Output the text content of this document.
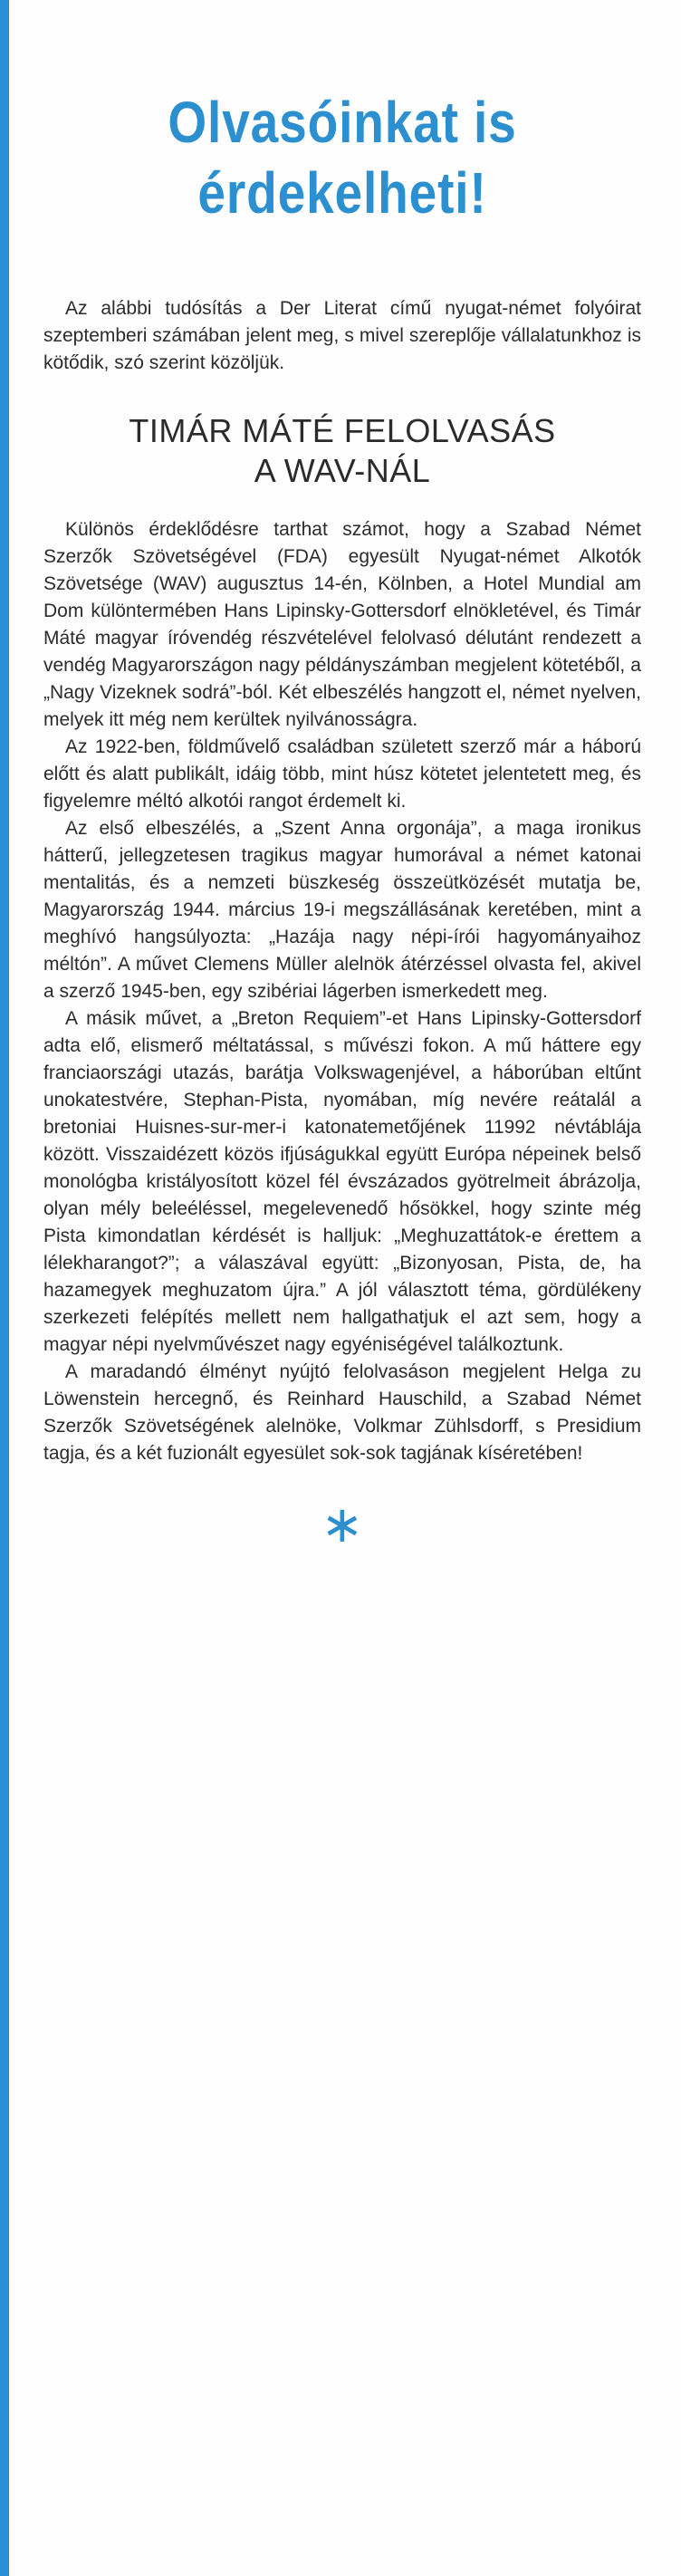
Olvasóinkat is
érdekelheti!

Az alábbi tudósítás a Der Literat című nyugat-német folyóirat szeptemberi számában jelent meg, s mivel szereplője vállalatunkhoz is kötődik, szó szerint közöljük.

TIMÁR MÁTÉ FELOLVASÁS
A WAV-NÁL

Különös érdeklődésre tarthat számot, hogy a Szabad Német Szerzők Szövetségével (FDA) egyesült Nyugat-német Alkotók Szövetsége (WAV) augusztus 14-én, Kölnben, a Hotel Mundial am Dom különtermében Hans Lipinsky-Gottersdorf elnökletével, és Timár Máté magyar íróvendég részvételével felolvasó délutánt rendezett a vendég Magyarországon nagy példányszámban megjelent kötetéből, a „Nagy Vizeknek sodrá”-ból. Két elbeszélés hangzott el, német nyelven, melyek itt még nem kerültek nyilvánosságra.

Az 1922-ben, földművelő családban született szerző már a háború előtt és alatt publikált, idáig több, mint húsz kötetet jelentetett meg, és figyelemre méltó alkotói rangot érdemelt ki.

Az első elbeszélés, a „Szent Anna orgonája”, a maga ironikus hátterű, jellegzetesen tragikus magyar humorával a német katonai mentalitás, és a nemzeti büszkeség összeütközését mutatja be, Magyarország 1944. március 19-i megszállásának keretében, mint a meghívó hangsúlyozta: „Hazája nagy népi-írói hagyományaihoz méltón”. A művet Clemens Müller alelnök átérzéssel olvasta fel, akivel a szerző 1945-ben, egy szibériai lágerben ismerkedett meg.

A másik művet, a „Breton Requiem”-et Hans Lipinsky-Gottersdorf adta elő, elismerő méltatással, s művészi fokon. A mű háttere egy franciaországi utazás, barátja Volkswagenjével, a háborúban eltűnt unokatestvére, Stephan-Pista, nyomában, míg nevére reátalál a bretoniai Huisnes-sur-mer-i katonatemetőjének 11992 névtáblája között. Visszaidézett közös ifjúságukkal együtt Európa népeinek belső monológba kristályosított közel fél évszázados gyötrelmeit ábrázolja, olyan mély beleéléssel, megelevenedő hősökkel, hogy szinte még Pista kimondatlan kérdését is halljuk: „Meghuzattátok-e érettem a lélekharangot?”; a válaszával együtt: „Bizonyosan, Pista, de, ha hazamegyek meghuzatom újra.” A jól választott téma, gördülékeny szerkezeti felépítés mellett nem hallgathatjuk el azt sem, hogy a magyar népi nyelvművészet nagy egyéniségével találkoztunk.

A maradandó élményt nyújtó felolvasáson megjelent Helga zu Löwenstein hercegnő, és Reinhard Hauschild, a Szabad Német Szerzők Szövetségének alelnöke, Volkmar Zühlsdorff, s Presidium tagja, és a két fuzionált egyesület sok-sok tagjának kíséretében!

∗
